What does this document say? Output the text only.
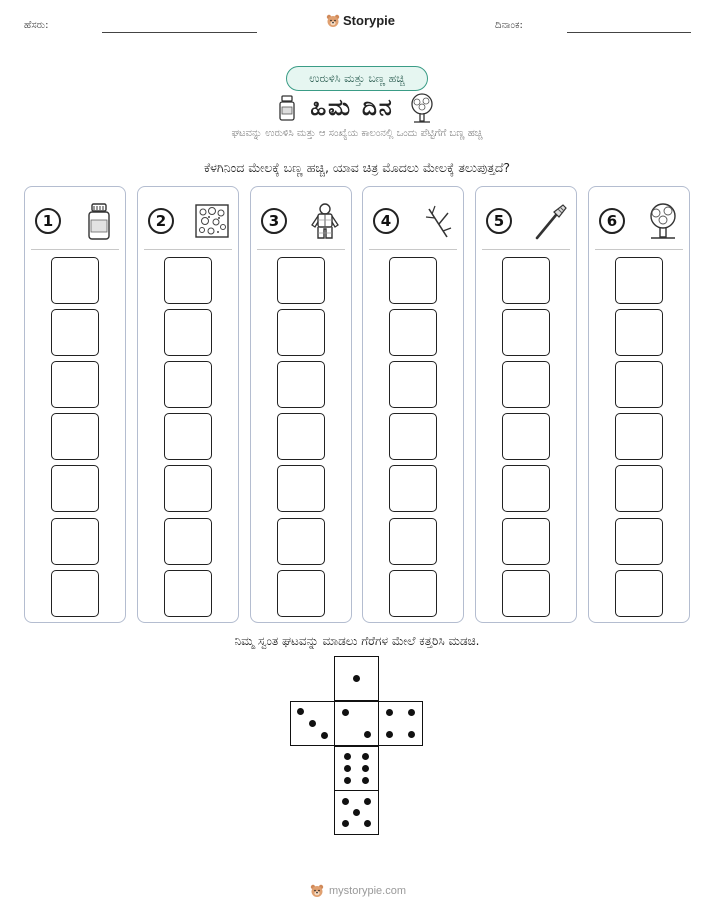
ಹೆಸರು:	Storypie	ದಿನಾಂಕ:
ಉರುಳಿಸಿ ಮತ್ತು ಬಣ್ಣ ಹಚ್ಚಿ
ಹಿಮ ದಿನ
ಘಟವನ್ನು ಉರುಳಿಸಿ ಮತ್ತು ಆ ಸಂಖ್ಯೆಯ ಕಾಲಂನಲ್ಲಿ ಒಂದು ಪೆಟ್ಟಿಗೆಗೆ ಬಣ್ಣ ಹಚ್ಚಿ
ಕೆಳಗಿನಿಂದ ಮೇಲಕ್ಕೆ ಬಣ್ಣ ಹಚ್ಚಿ, ಯಾವ ಚಿತ್ರ ಮೊದಲು ಮೇಲಕ್ಕೆ ತಲುಪುತ್ತದೆ?
1	2	3	4	5	6
ನಿಮ್ಮ ಸ್ವಂತ ಘಟವನ್ನು ಮಾಡಲು ಗೆರೆಗಳ ಮೇಲೆ ಕತ್ತರಿಸಿ ಮಡಚಿ.
mystorypie.com
